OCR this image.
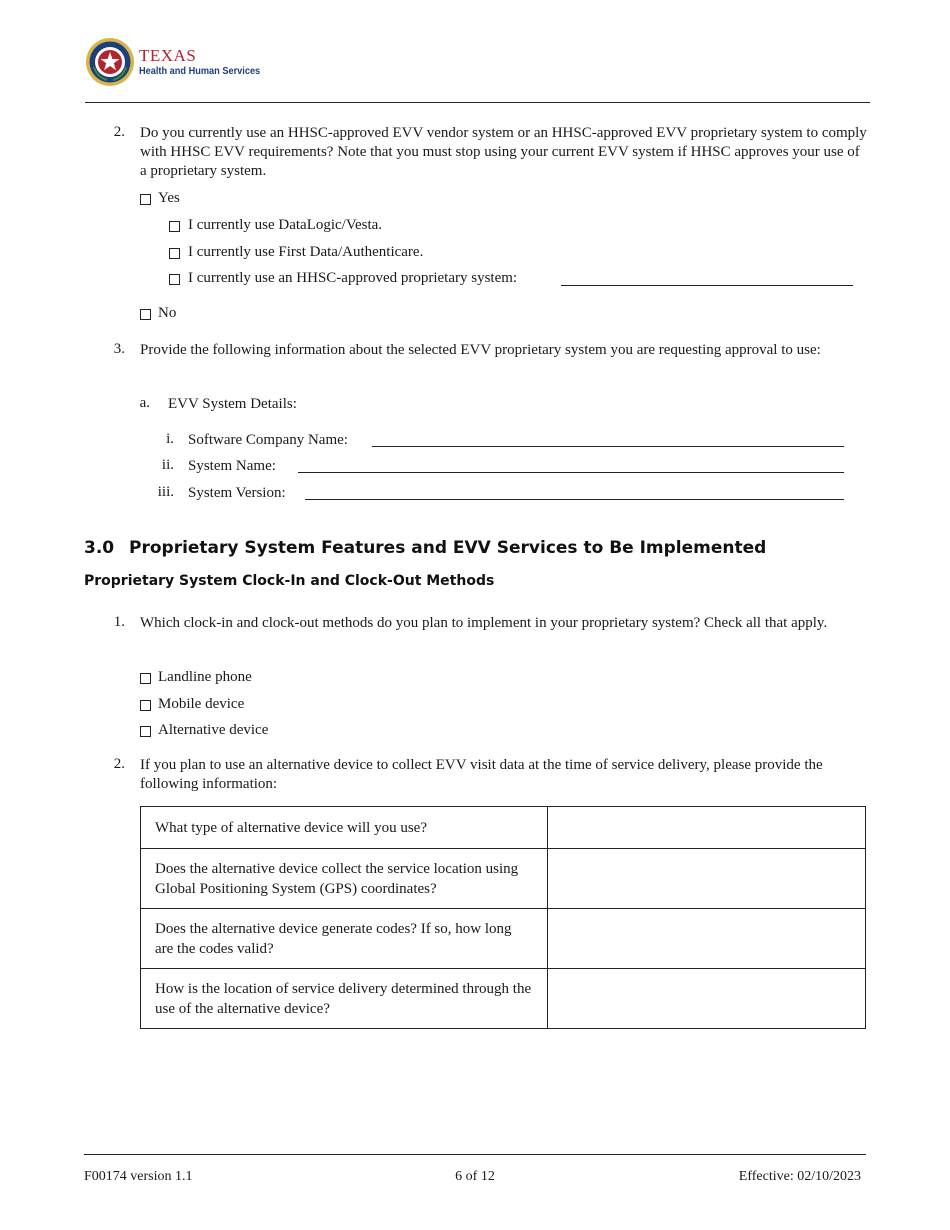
TEXAS
Health and Human Services
2. Do you currently use an HHSC-approved EVV vendor system or an HHSC-approved EVV proprietary system to comply with HHSC EVV requirements? Note that you must stop using your current EVV system if HHSC approves your use of a proprietary system.
Yes
I currently use DataLogic/Vesta.
I currently use First Data/Authenticare.
I currently use an HHSC-approved proprietary system:
No
3. Provide the following information about the selected EVV proprietary system you are requesting approval to use:
a. EVV System Details:
i. Software Company Name:
ii. System Name:
iii. System Version:
3.0 Proprietary System Features and EVV Services to Be Implemented
Proprietary System Clock-In and Clock-Out Methods
1. Which clock-in and clock-out methods do you plan to implement in your proprietary system? Check all that apply.
Landline phone
Mobile device
Alternative device
2. If you plan to use an alternative device to collect EVV visit data at the time of service delivery, please provide the following information:
What type of alternative device will you use?	
Does the alternative device collect the service location using Global Positioning System (GPS) coordinates?	
Does the alternative device generate codes? If so, how long are the codes valid?	
How is the location of service delivery determined through the use of the alternative device?	
F00174 version 1.1	6 of 12	Effective: 02/10/2023
